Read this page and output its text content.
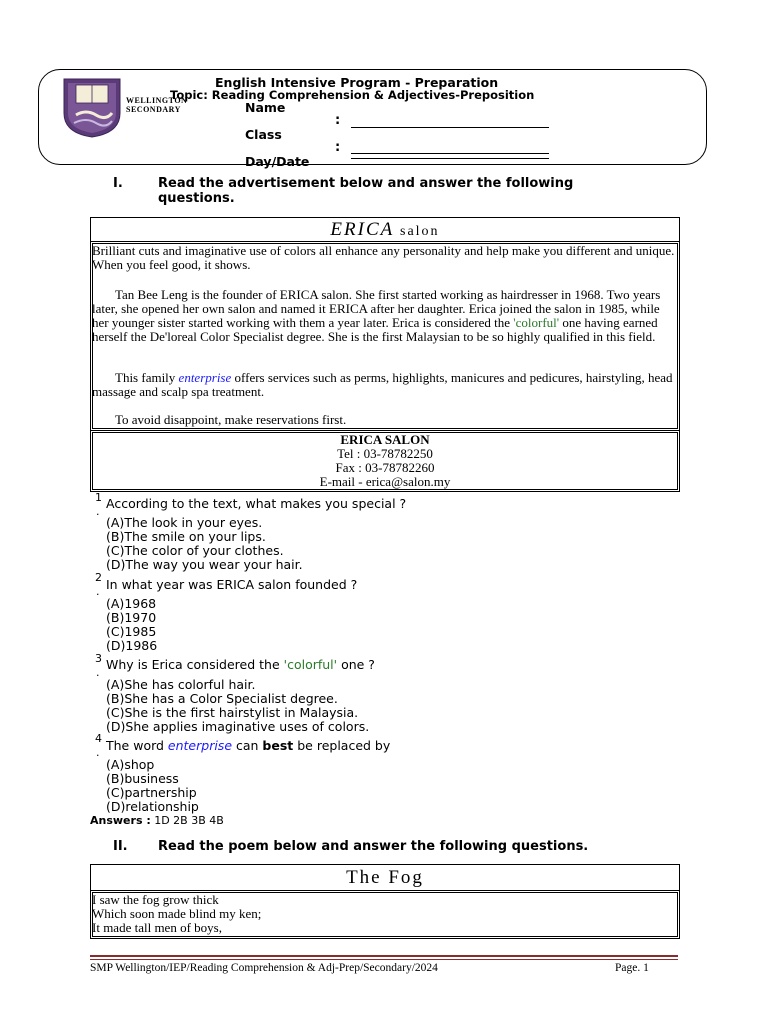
WELLINGTON
SECONDARY
English Intensive Program - Preparation
Topic: Reading Comprehension & Adjectives-Preposition
Name
Class
Day/Date
:
:
I.	Read the advertisement below and answer the following questions.
ERICA salon
Brilliant cuts and imaginative use of colors all enhance any personality and help make you different and unique. When you feel good, it shows.
Tan Bee Leng is the founder of ERICA salon. She first started working as hairdresser in 1968. Two years later, she opened her own salon and named it ERICA after her daughter. Erica joined the salon in 1985, while her younger sister started working with them a year later. Erica is considered the 'colorful' one having earned herself the De'loreal Color Specialist degree. She is the first Malaysian to be so highly qualified in this field.
This family enterprise offers services such as perms, highlights, manicures and pedicures, hairstyling, head massage and scalp spa treatment.
To avoid disappoint, make reservations first.
ERICA SALON
Tel : 03-78782250
Fax : 03-78782260
E-mail - erica@salon.my
1
.
According to the text, what makes you special ?
(A)The look in your eyes.
(B)The smile on your lips.
(C)The color of your clothes.
(D)The way you wear your hair.
2
. In what year was ERICA salon founded ?
(A)1968
(B)1970
(C)1985
(D)1986
3
.
Why is Erica considered the 'colorful' one ?
(A)She has colorful hair.
(B)She has a Color Specialist degree.
(C)She is the first hairstylist in Malaysia.
(D)She applies imaginative uses of colors.
4
. The word enterprise can best be replaced by
(A)shop
(B)business
(C)partnership
(D)relationship
Answers : 1D 2B 3B 4B
II. Read the poem below and answer the following questions.
The Fog
I saw the fog grow thick
Which soon made blind my ken;
It made tall men of boys,
SMP Wellington/IEP/Reading Comprehension & Adj-Prep/Secondary/2024	Page. 1
